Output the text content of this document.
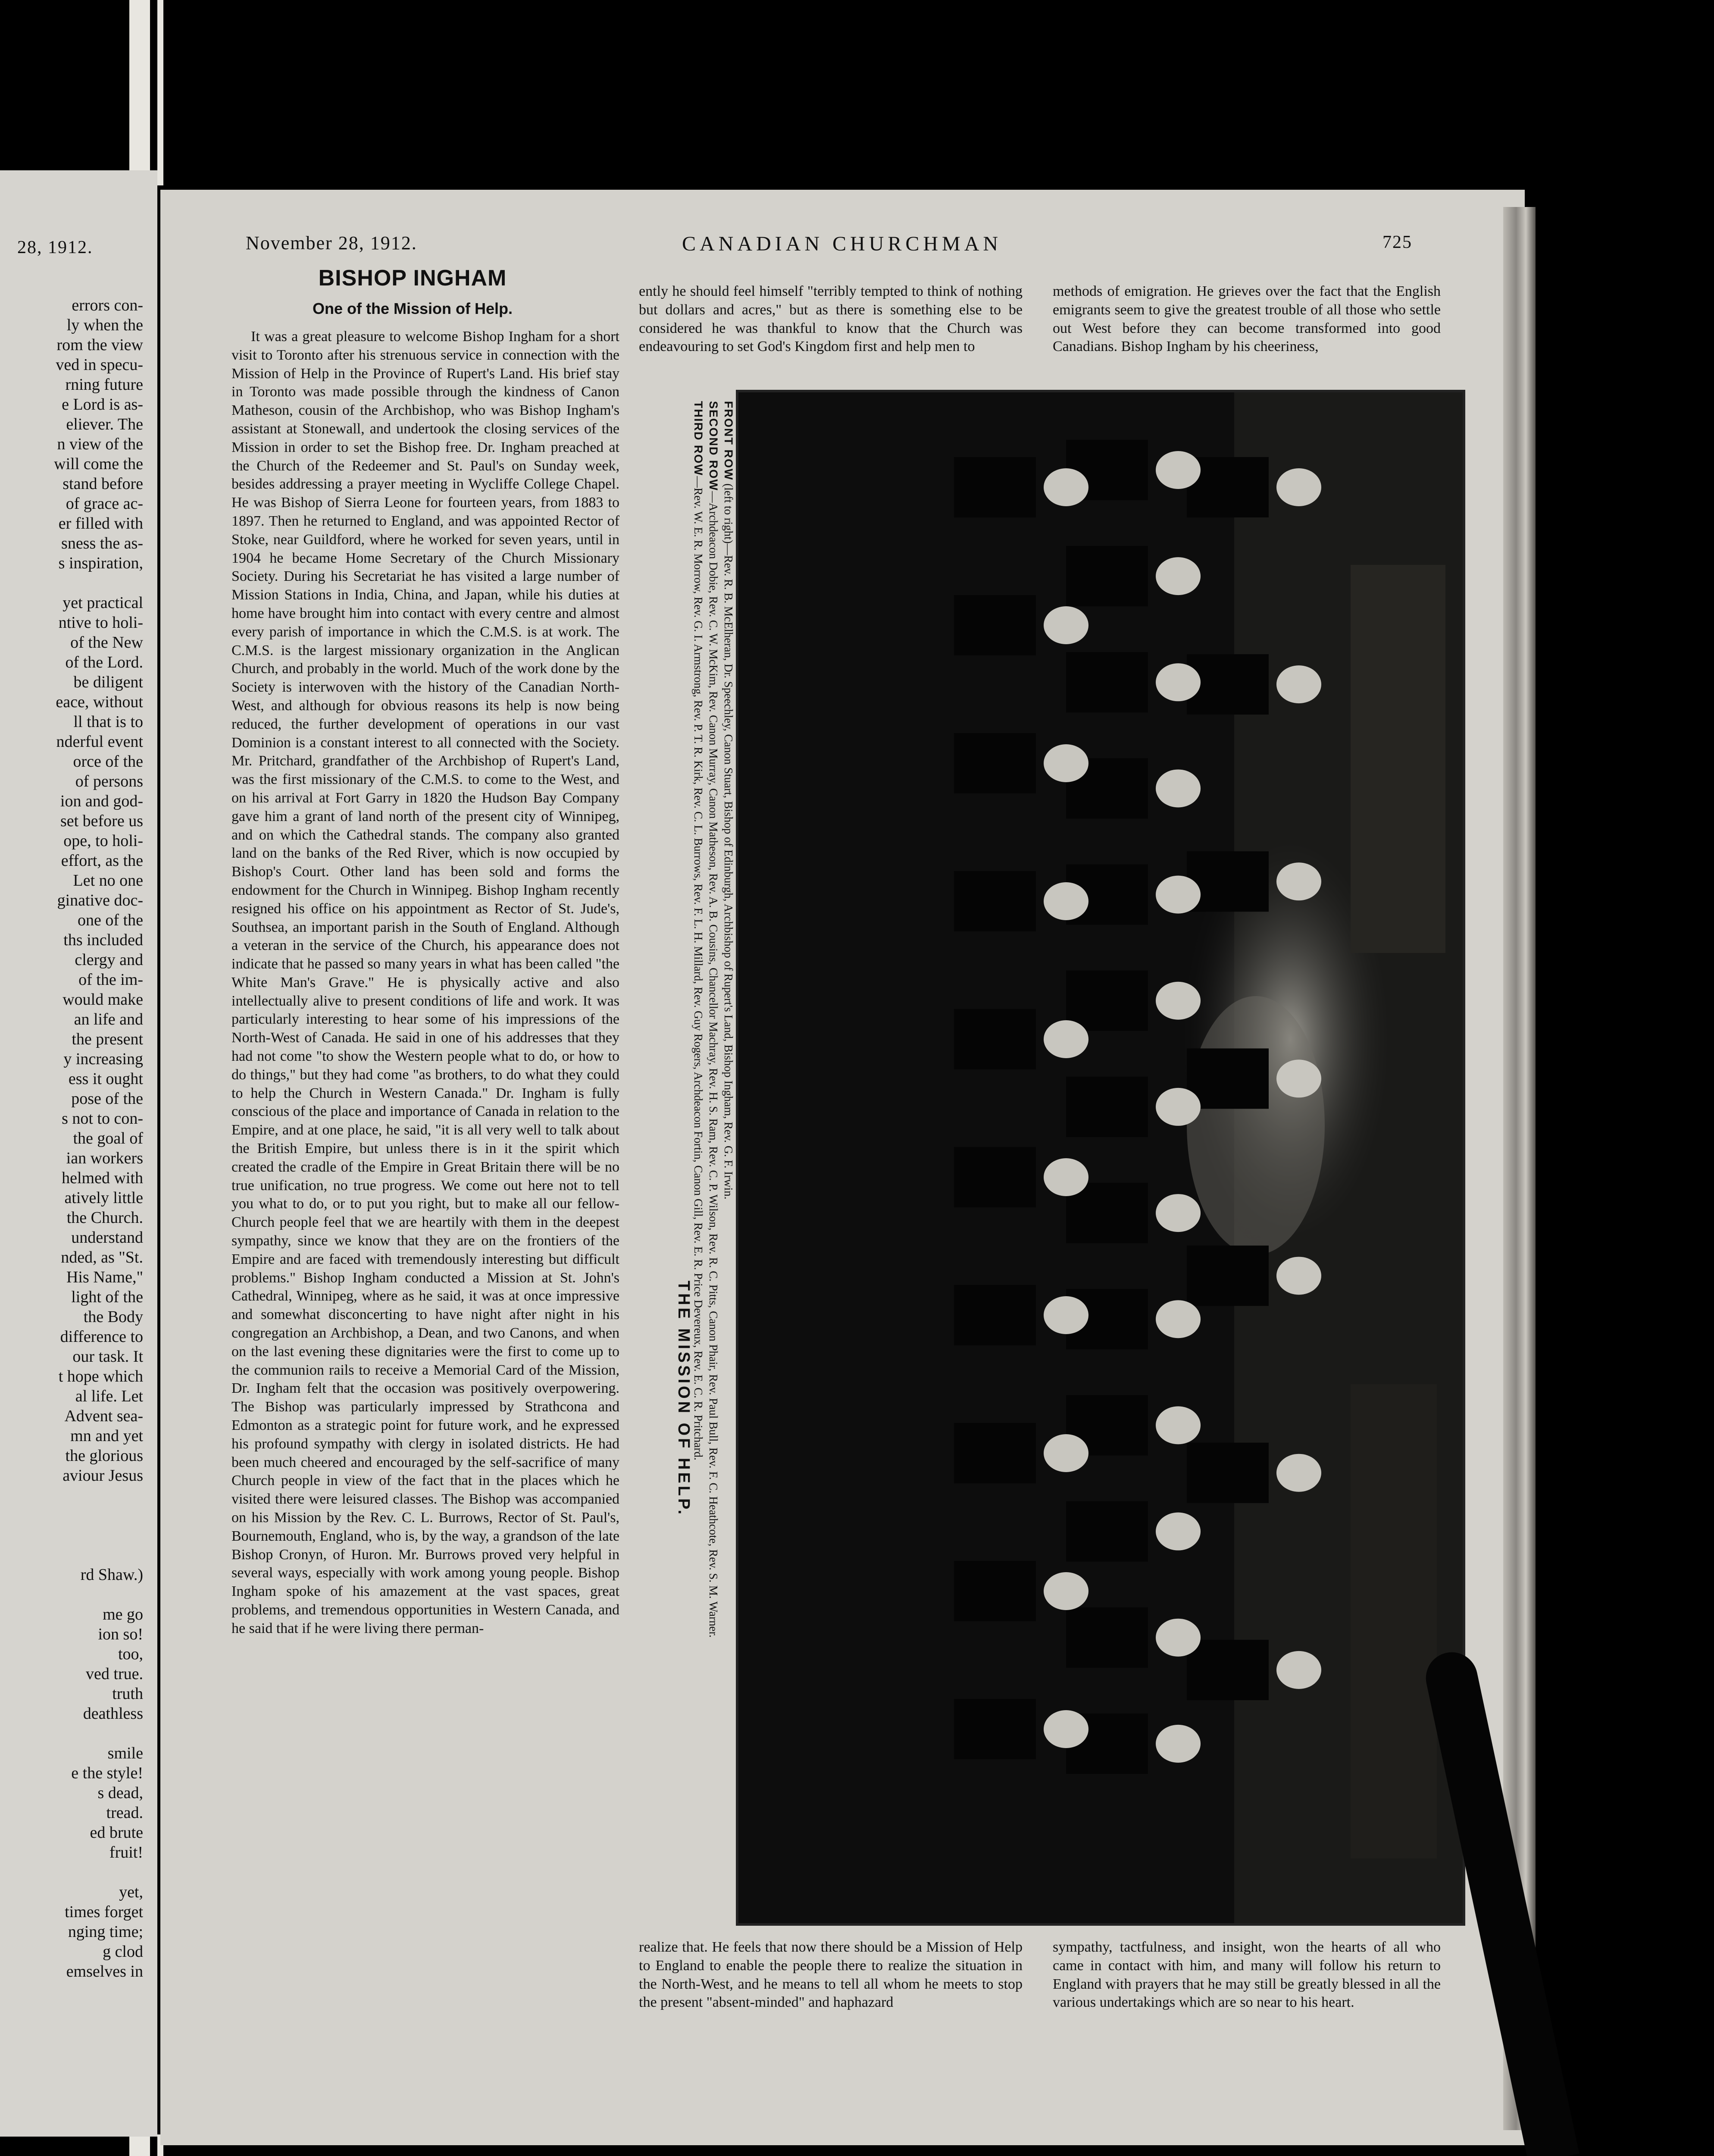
28, 1912.
errors con-
ly when the
rom the view
ved in specu-
rning future
e Lord is as-
eliever. The
n view of the
will come the
stand before
of grace ac-
er filled with
sness the as-
s inspiration,
yet practical
ntive to holi-
of the New
of the Lord.
be diligent
eace, without
ll that is to
nderful event
orce of the
of persons
ion and god-
set before us
ope, to holi-
effort, as the
Let no one
ginative doc-
one of the
ths included
clergy and
of the im-
would make
an life and
the present
y increasing
ess it ought
pose of the
s not to con-
the goal of
ian workers
helmed with
atively little
the Church.
understand
nded, as "St.
His Name,"
light of the
the Body
difference to
our task. It
t hope which
al life. Let
Advent sea-
mn and yet
the glorious
aviour Jesus
rd Shaw.)
me go
ion so!
too,
ved true.
truth
deathless
smile
e the style!
s dead,
tread.
ed brute
fruit!
yet,
times forget
nging time;
g clod
emselves in
November 28, 1912.	CANADIAN CHURCHMAN	725
BISHOP INGHAM
One of the Mission of Help.

It was a great pleasure to welcome Bishop Ingham for a short visit to Toronto after his strenuous service in connection with the Mission of Help in the Province of Rupert's Land. His brief stay in Toronto was made possible through the kindness of Canon Matheson, cousin of the Archbishop, who was Bishop Ingham's assistant at Stonewall, and undertook the closing services of the Mission in order to set the Bishop free. Dr. Ingham preached at the Church of the Redeemer and St. Paul's on Sunday week, besides addressing a prayer meeting in Wycliffe College Chapel. He was Bishop of Sierra Leone for fourteen years, from 1883 to 1897. Then he returned to England, and was appointed Rector of Stoke, near Guildford, where he worked for seven years, until in 1904 he became Home Secretary of the Church Missionary Society. During his Secretariat he has visited a large number of Mission Stations in India, China, and Japan, while his duties at home have brought him into contact with every centre and almost every parish of importance in which the C.M.S. is at work. The C.M.S. is the largest missionary organization in the Anglican Church, and probably in the world. Much of the work done by the Society is interwoven with the history of the Canadian North-West, and although for obvious reasons its help is now being reduced, the further development of operations in our vast Dominion is a constant interest to all connected with the Society. Mr. Pritchard, grandfather of the Archbishop of Rupert's Land, was the first missionary of the C.M.S. to come to the West, and on his arrival at Fort Garry in 1820 the Hudson Bay Company gave him a grant of land north of the present city of Winnipeg, and on which the Cathedral stands. The company also granted land on the banks of the Red River, which is now occupied by Bishop's Court. Other land has been sold and forms the endowment for the Church in Winnipeg. Bishop Ingham recently resigned his office on his appointment as Rector of St. Jude's, Southsea, an important parish in the South of England. Although a veteran in the service of the Church, his appearance does not indicate that he passed so many years in what has been called "the White Man's Grave." He is physically active and also intellectually alive to present conditions of life and work. It was particularly interesting to hear some of his impressions of the North-West of Canada. He said in one of his addresses that they had not come "to show the Western people what to do, or how to do things," but they had come "as brothers, to do what they could to help the Church in Western Canada." Dr. Ingham is fully conscious of the place and importance of Canada in relation to the Empire, and at one place, he said, "it is all very well to talk about the British Empire, but unless there is in it the spirit which created the cradle of the Empire in Great Britain there will be no true unification, no true progress. We come out here not to tell you what to do, or to put you right, but to make all our fellow-Church people feel that we are heartily with them in the deepest sympathy, since we know that they are on the frontiers of the Empire and are faced with tremendously interesting but difficult problems." Bishop Ingham conducted a Mission at St. John's Cathedral, Winnipeg, where as he said, it was at once impressive and somewhat disconcerting to have night after night in his congregation an Archbishop, a Dean, and two Canons, and when on the last evening these dignitaries were the first to come up to the communion rails to receive a Memorial Card of the Mission, Dr. Ingham felt that the occasion was positively overpowering. The Bishop was particularly impressed by Strathcona and Edmonton as a strategic point for future work, and he expressed his profound sympathy with clergy in isolated districts. He had been much cheered and encouraged by the self-sacrifice of many Church people in view of the fact that in the places which he visited there were leisured classes. The Bishop was accompanied on his Mission by the Rev. C. L. Burrows, Rector of St. Paul's, Bournemouth, England, who is, by the way, a grandson of the late Bishop Cronyn, of Huron. Mr. Burrows proved very helpful in several ways, especially with work among young people. Bishop Ingham spoke of his amazement at the vast spaces, great problems, and tremendous opportunities in Western Canada, and he said that if he were living there perman-

ently he should feel himself "terribly tempted to think of nothing but dollars and acres," but as there is something else to be considered he was thankful to know that the Church was endeavouring to set God's Kingdom first and help men to

methods of emigration. He grieves over the fact that the English emigrants seem to give the greatest trouble of all those who settle out West before they can become transformed into good Canadians. Bishop Ingham by his cheeriness,

THE MISSION OF HELP.
FRONT ROW (left to right)—Rev. R. B. McElheran, Dr. Speechley, Canon Stuart, Bishop of Edinburgh, Archbishop of Rupert's Land, Bishop Ingham, Rev. G. F. Irwin.
SECOND ROW—Archdeacon Dobie, Rev. C. W. McKim, Rev. Canon Murray, Canon Matheson, Rev. A. B. Cousins, Chancellor Machray, Rev. H. S. Ram, Rev. C. P. Wilson, Rev. R. C. Pitts, Canon Phair, Rev. Paul Bull, Rev. F. C. Heathcote, Rev. S. M. Warner.
THIRD ROW—Rev. W. E. R. Morrow, Rev. G. I. Armstrong, Rev. P. T. R. Kirk, Rev. C. L. Burrows, Rev. F. L. H. Millard, Rev. Guy Rogers, Archdeacon Fortin, Canon Gill, Rev. E. R. Price Devereux, Rev. E. C. R. Pritchard.

realize that. He feels that now there should be a Mission of Help to England to enable the people there to realize the situation in the North-West, and he means to tell all whom he meets to stop the present "absent-minded" and haphazard

sympathy, tactfulness, and insight, won the hearts of all who came in contact with him, and many will follow his return to England with prayers that he may still be greatly blessed in all the various undertakings which are so near to his heart.
